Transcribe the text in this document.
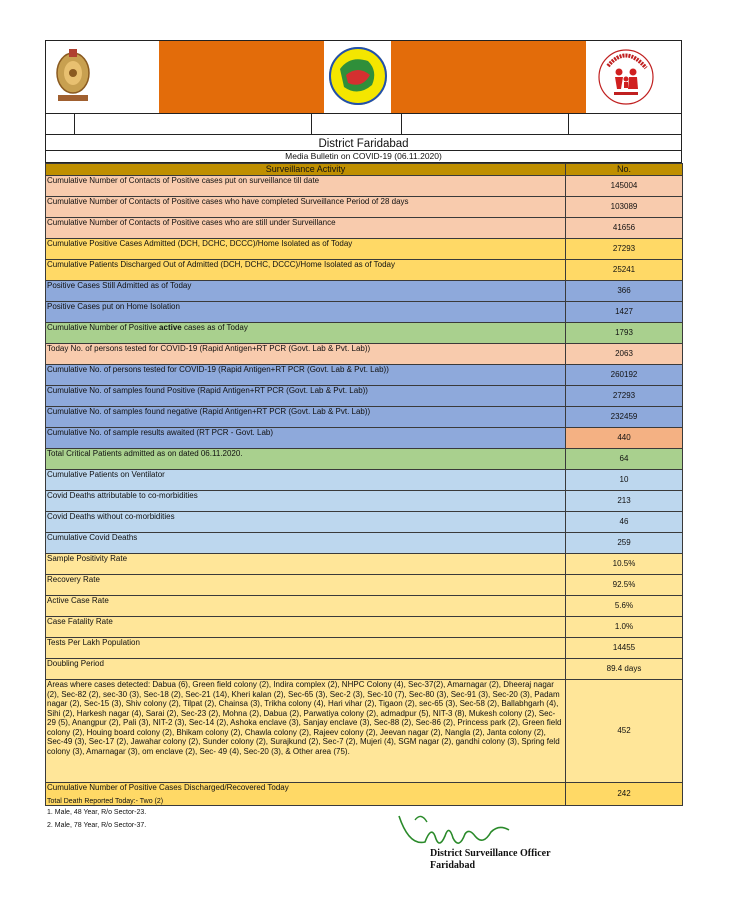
District Faridabad
Media Bulletin on COVID-19 (06.11.2020)
Surveillance Activity	No.
Cumulative Number of Contacts of Positive cases put on surveillance till date	145004
Cumulative Number of Contacts of Positive cases who have completed Surveillance Period of 28 days	103089
Cumulative Number of Contacts of Positive cases who are still under Surveillance	41656
Cumulative Positive Cases Admitted (DCH, DCHC, DCCC)/Home Isolated as of Today	27293
Cumulative Patients Discharged Out of Admitted (DCH, DCHC, DCCC)/Home Isolated as of Today	25241
Positive Cases Still Admitted as of Today	366
Positive Cases put on Home Isolation	1427
Cumulative Number of Positive active cases as of Today	1793
Today No. of persons tested for COVID-19 (Rapid Antigen+RT PCR (Govt. Lab & Pvt. Lab))	2063
Cumulative No. of persons tested for COVID-19 (Rapid Antigen+RT PCR (Govt. Lab & Pvt. Lab))	260192
Cumulative No. of samples found Positive (Rapid Antigen+RT PCR (Govt. Lab & Pvt. Lab))	27293
Cumulative No. of samples found negative (Rapid Antigen+RT PCR (Govt. Lab & Pvt. Lab))	232459
Cumulative No. of sample results awaited (RT PCR - Govt. Lab)	440
Total Critical Patients admitted as on dated 06.11.2020.	64
Cumulative Patients on Ventilator	10
Covid Deaths attributable to co-morbidities	213
Covid Deaths without co-morbidities	46
Cumulative Covid Deaths	259
Sample Positivity Rate	10.5%
Recovery Rate	92.5%
Active Case Rate	5.6%
Case Fatality Rate	1.0%
Tests Per Lakh Population	14455
Doubling Period	89.4 days
Areas where cases detected: Dabua (6), Green field colony (2), Indira complex (2), NHPC Colony (4), Sec-37(2), Amarnagar (2), Dheeraj nagar (2), Sec-82 (2), sec-30 (3), Sec-18 (2), Sec-21 (14), Kheri kalan (2), Sec-65 (3), Sec-2 (3), Sec-10 (7), Sec-80 (3), Sec-91 (3), Sec-20 (3), Padam nagar (2), Sec-15 (3), Shiv colony (2), Tilpat (2), Chainsa (3), Trikha colony (4), Hari vihar (2), Tigaon (2), sec-65 (3), Sec-58 (2), Ballabhgarh (4), Sihi (2), Harkesh nagar (4), Sarai (2), Sec-23 (2), Mohna (2), Dabua (2), Parwatiya colony (2), admadpur (5), NIT-3 (8), Mukesh colony (2), Sec-29 (5), Anangpur (2), Pali (3), NIT-2 (3), Sec-14 (2), Ashoka enclave (3), Sanjay enclave (3), Sec-88 (2), Sec-86 (2), Princess park (2), Green field colony (2), Houing board colony (2), Bhikam colony (2), Chawla colony (2), Rajeev colony (2), Jeevan nagar (2), Nangla (2), Janta colony (2), Sec-49 (3), Sec-17 (2), Jawahar colony (2), Sunder colony (2), Surajkund (2), Sec-7 (2), Mujeri (4), SGM nagar (2), gandhi colony (3), Spring feld colony (3), Amarnagar (3), om enclave (2), Sec- 49 (4), Sec-20 (3), & Other area (75).	452
Cumulative Number of Positive Cases Discharged/Recovered Today	242
Total Death Reported Today:- Two (2)
1. Male, 48 Year, R/o Sector-23.
2. Male, 78 Year, R/o Sector-37.
District Surveillance Officer
Faridabad
